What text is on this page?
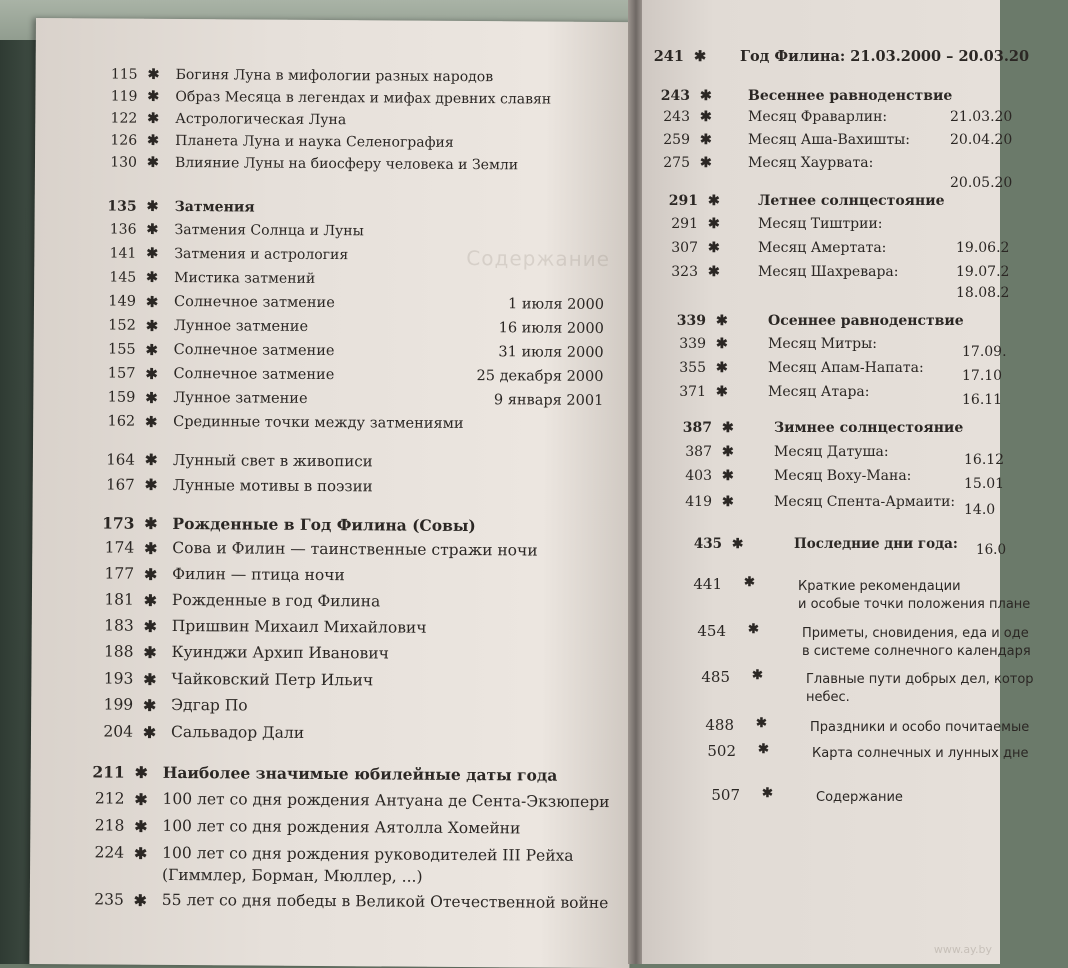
Содержание
115 ✱ Богиня Луна в мифологии разных народов
119 ✱ Образ Месяца в легендах и мифах древних славян
122 ✱ Астрологическая Луна
126 ✱ Планета Луна и наука Селенография
130 ✱ Влияние Луны на биосферу человека и Земли
135 ✱ Затмения
136 ✱ Затмения Солнца и Луны
141 ✱ Затмения и астрология
145 ✱ Мистика затмений
149 ✱ Солнечное затмение	1 июля 2000
152 ✱ Лунное затмение	16 июля 2000
155 ✱ Солнечное затмение	31 июля 2000
157 ✱ Солнечное затмение	25 декабря 2000
159 ✱ Лунное затмение	9 января 2001
162 ✱ Срединные точки между затмениями
164 ✱ Лунный свет в живописи
167 ✱ Лунные мотивы в поэзии
173 ✱ Рожденные в Год Филина (Совы)
174 ✱ Сова и Филин — таинственные стражи ночи
177 ✱ Филин — птица ночи
181 ✱ Рожденные в год Филина
183 ✱ Пришвин Михаил Михайлович
188 ✱ Куинджи Архип Иванович
193 ✱ Чайковский Петр Ильич
199 ✱ Эдгар По
204 ✱ Сальвадор Дали
211 ✱ Наиболее значимые юбилейные даты года
212 ✱ 100 лет со дня рождения Антуана де Сента-Экзюпери
218 ✱ 100 лет со дня рождения Аятолла Хомейни
224 ✱ 100 лет со дня рождения руководителей III Рейха
(Гиммлер, Борман, Мюллер, ...)
235 ✱ 55 лет со дня победы в Великой Отечественной войне
241 ✱ Год Филина: 21.03.2000 – 20.03.20
243 ✱	Весеннее равноденствие
243 ✱	Месяц Фраварлин:	21.03.20
259 ✱	Месяц Аша-Вахишты:	20.04.20
275 ✱	Месяц Хаурвата:
20.05.20
291 ✱	Летнее солнцестояние
291 ✱	Месяц Тиштрии:
307 ✱	Месяц Амертата:	19.06.2
323 ✱	Месяц Шахревара:	19.07.2
18.08.2
339 ✱	Осеннее равноденствие
339 ✱	Месяц Митры:	17.09.
355 ✱	Месяц Апам-Напата:	17.10
371 ✱	Месяц Атара:	16.11
387 ✱	Зимнее солнцестояние
387 ✱	Месяц Датуша:	16.12
403 ✱	Месяц Воху-Мана:	15.01
419 ✱	Месяц Спента-Армаити: 14.0
435 ✱	Последние дни года: 16.0
441 ✱	Краткие рекомендации
и особые точки положения плане
454 ✱	Приметы, сновидения, еда и оде
в системе солнечного календаря
485 ✱	Главные пути добрых дел, котор
небес.
488 ✱	Праздники и особо почитаемые
502 ✱	Карта солнечных и лунных дне
507 ✱	Содержание
www.ay.by
